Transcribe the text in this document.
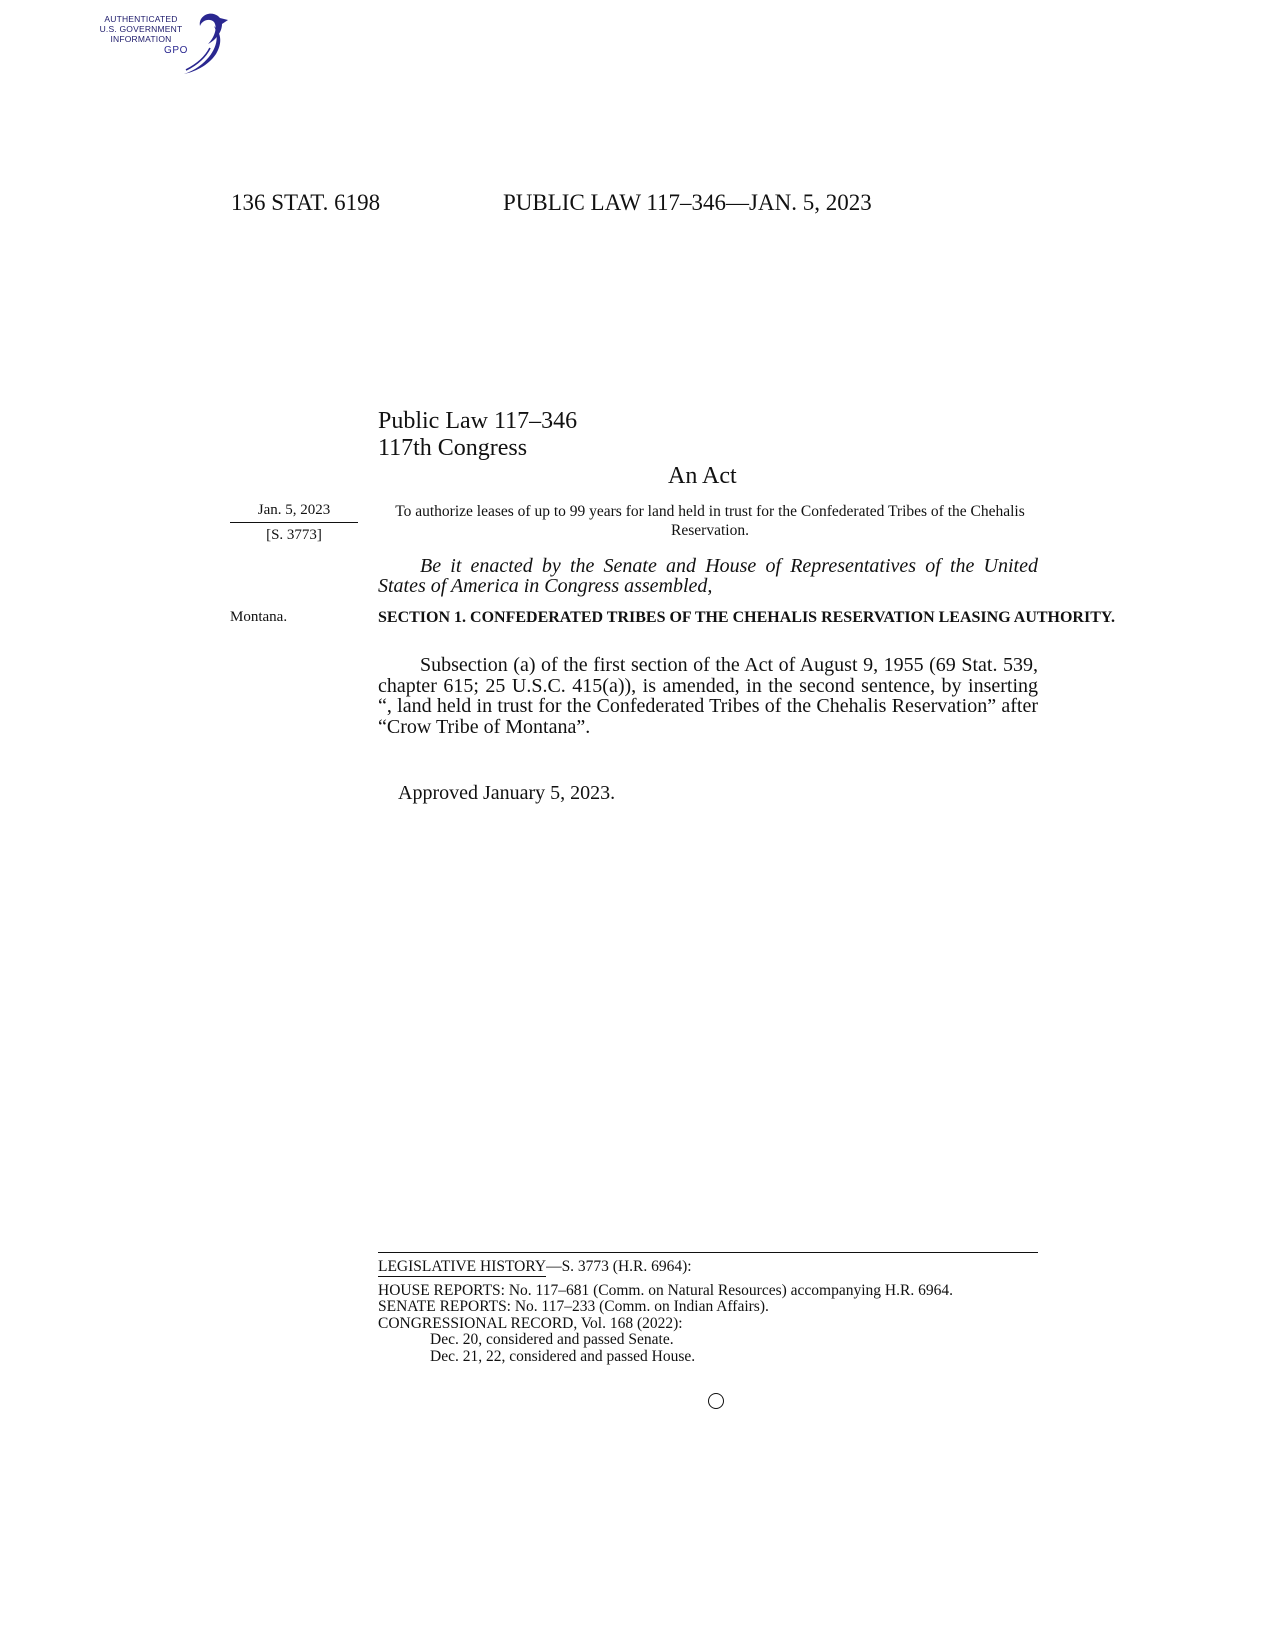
AUTHENTICATED
U.S. GOVERNMENT
INFORMATION
GPO
136 STAT. 6198	PUBLIC LAW 117–346—JAN. 5, 2023
Public Law 117–346
117th Congress
An Act
Jan. 5, 2023
[S. 3773]
Montana.
To authorize leases of up to 99 years for land held in trust for the Confederated Tribes of the Chehalis Reservation.
Be it enacted by the Senate and House of Representatives of the United States of America in Congress assembled,
SECTION 1. CONFEDERATED TRIBES OF THE CHEHALIS RESERVATION LEASING AUTHORITY.
Subsection (a) of the first section of the Act of August 9, 1955 (69 Stat. 539, chapter 615; 25 U.S.C. 415(a)), is amended, in the second sentence, by inserting “, land held in trust for the Confederated Tribes of the Chehalis Reservation” after “Crow Tribe of Montana”.
Approved January 5, 2023.
LEGISLATIVE HISTORY—S. 3773 (H.R. 6964):
HOUSE REPORTS: No. 117–681 (Comm. on Natural Resources) accompanying H.R. 6964.
SENATE REPORTS: No. 117–233 (Comm. on Indian Affairs).
CONGRESSIONAL RECORD, Vol. 168 (2022):
Dec. 20, considered and passed Senate.
Dec. 21, 22, considered and passed House.
